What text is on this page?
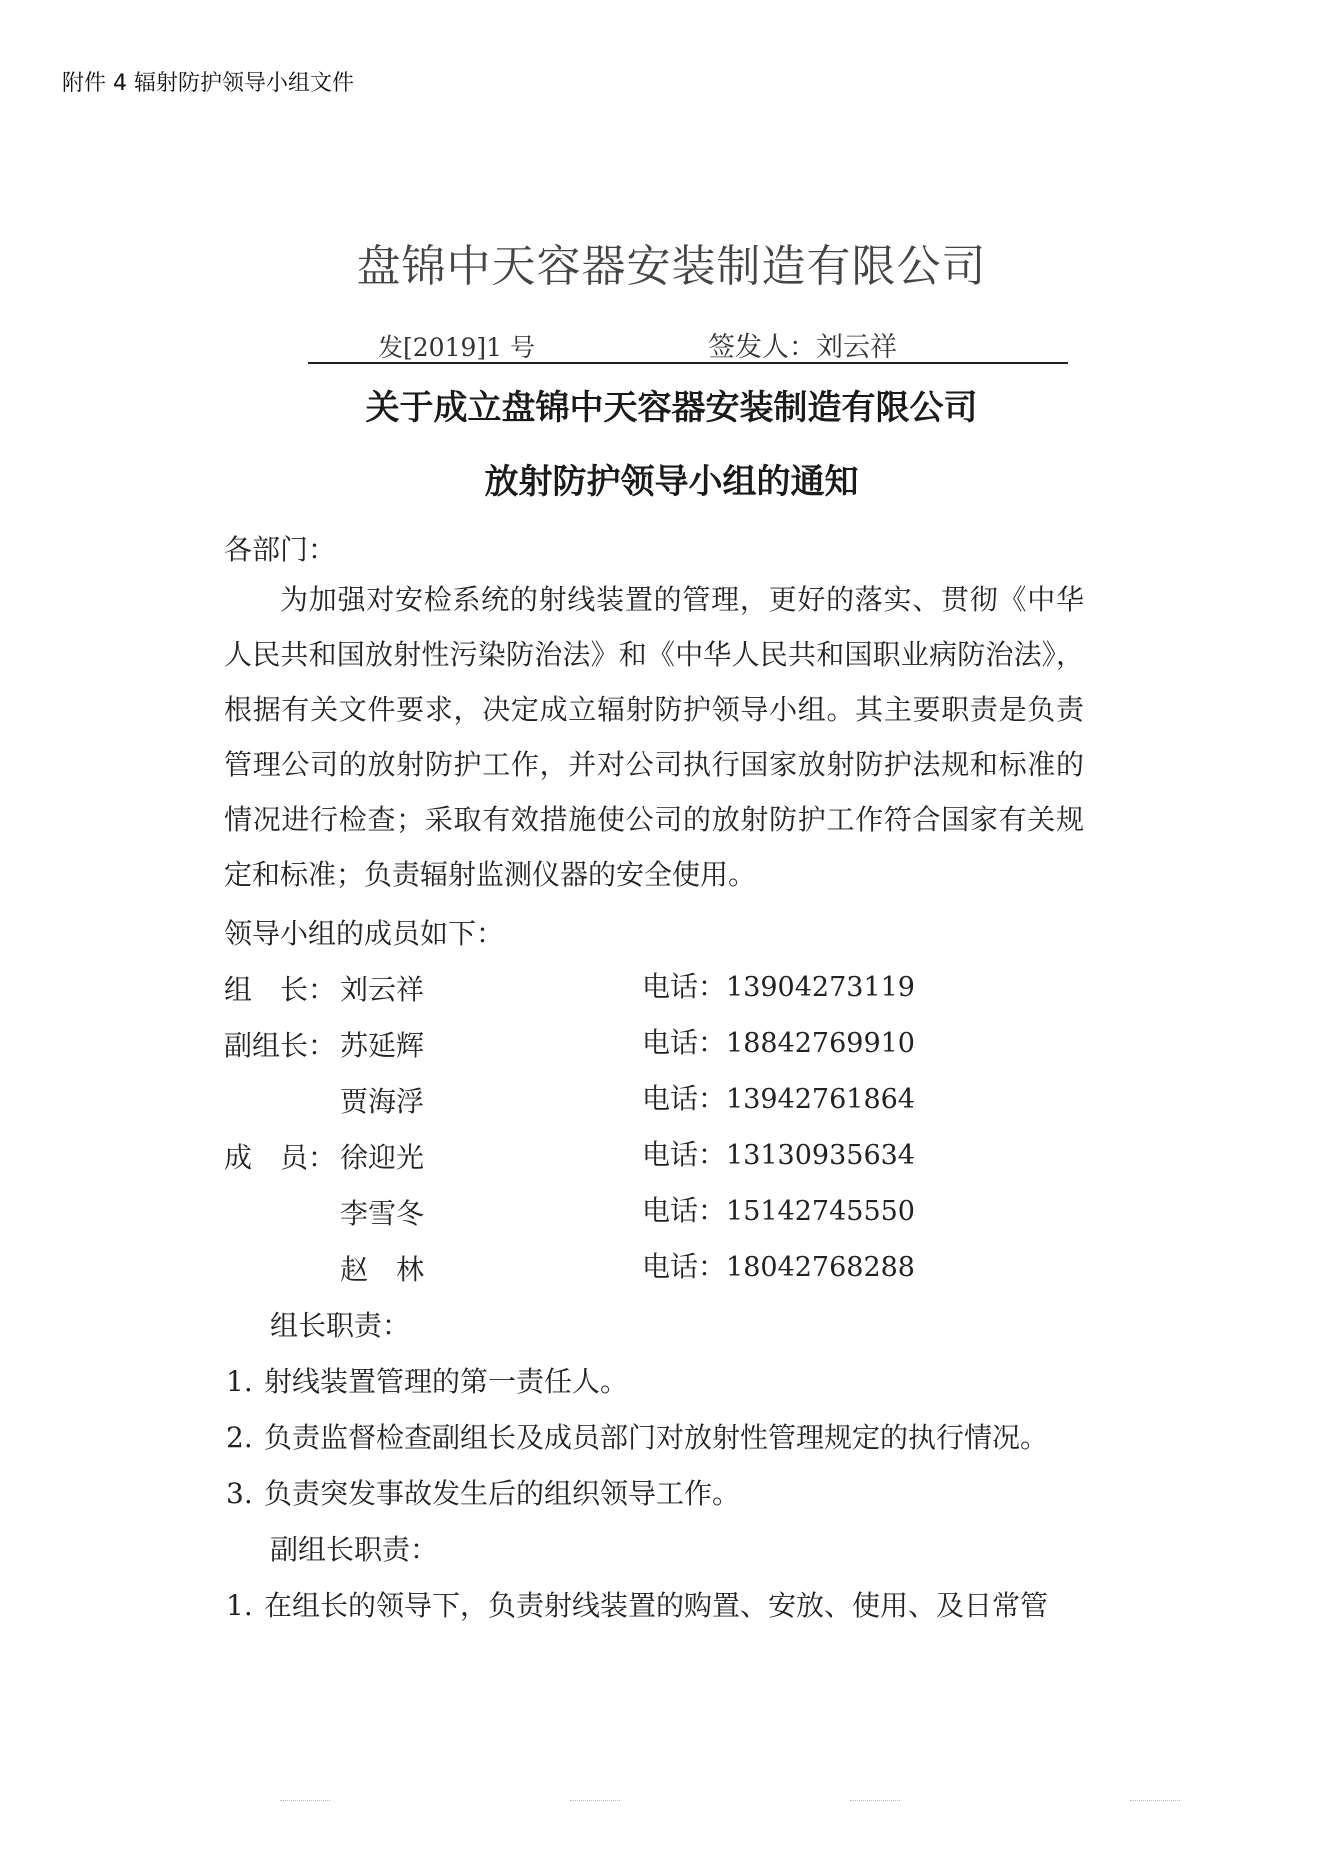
附件 4 辐射防护领导小组文件
盘锦中天容器安装制造有限公司
发[2019]1 号	签发人：刘云祥
关于成立盘锦中天容器安装制造有限公司
放射防护领导小组的通知
各部门：
为加强对安检系统的射线装置的管理，更好的落实、贯彻《中华人民共和国放射性污染防治法》和《中华人民共和国职业病防治法》，根据有关文件要求，决定成立辐射防护领导小组。其主要职责是负责管理公司的放射防护工作，并对公司执行国家放射防护法规和标准的情况进行检查；采取有效措施使公司的放射防护工作符合国家有关规定和标准；负责辐射监测仪器的安全使用。
领导小组的成员如下：
组　长： 刘云祥	电话：13904273119
副组长： 苏延辉	电话：18842769910
贾海浮	电话：13942761864
成　员： 徐迎光	电话：13130935634
李雪冬	电话：15142745550
赵　林	电话：18042768288
组长职责：
1. 射线装置管理的第一责任人。
2. 负责监督检查副组长及成员部门对放射性管理规定的执行情况。
3. 负责突发事故发生后的组织领导工作。
副组长职责：
1. 在组长的领导下，负责射线装置的购置、安放、使用、及日常管
